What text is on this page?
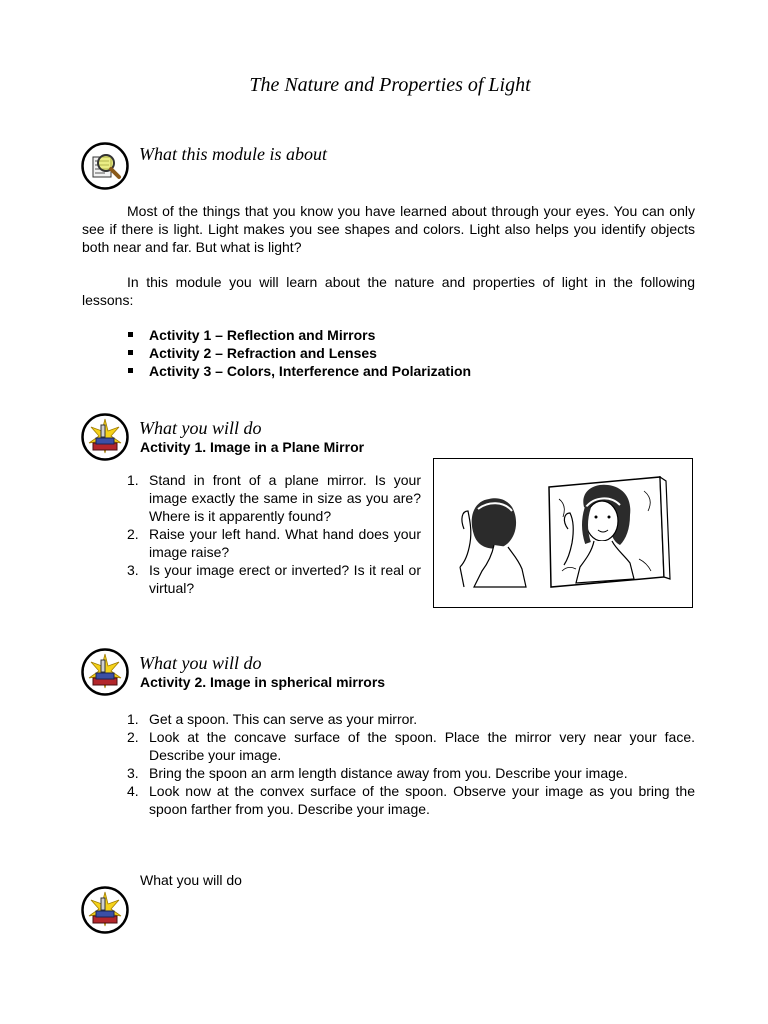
The Nature and Properties of Light
What this module is about

Most of the things that you know you have learned about through your eyes. You can only see if there is light. Light makes you see shapes and colors. Light also helps you identify objects both near and far. But what is light?

In this module you will learn about the nature and properties of light in the following lessons:

Activity 1 – Reflection and Mirrors
Activity 2 – Refraction and Lenses
Activity 3 – Colors, Interference and Polarization
What you will do
Activity 1. Image in a Plane Mirror
1. Stand in front of a plane mirror. Is your image exactly the same in size as you are? Where is it apparently found?
2. Raise your left hand. What hand does your image raise?
3. Is your image erect or inverted? Is it real or virtual?
What you will do
Activity 2. Image in spherical mirrors
1. Get a spoon. This can serve as your mirror.
2. Look at the concave surface of the spoon. Place the mirror very near your face. Describe your image.
3. Bring the spoon an arm length distance away from you. Describe your image.
4. Look now at the convex surface of the spoon. Observe your image as you bring the spoon farther from you. Describe your image.
What you will do
